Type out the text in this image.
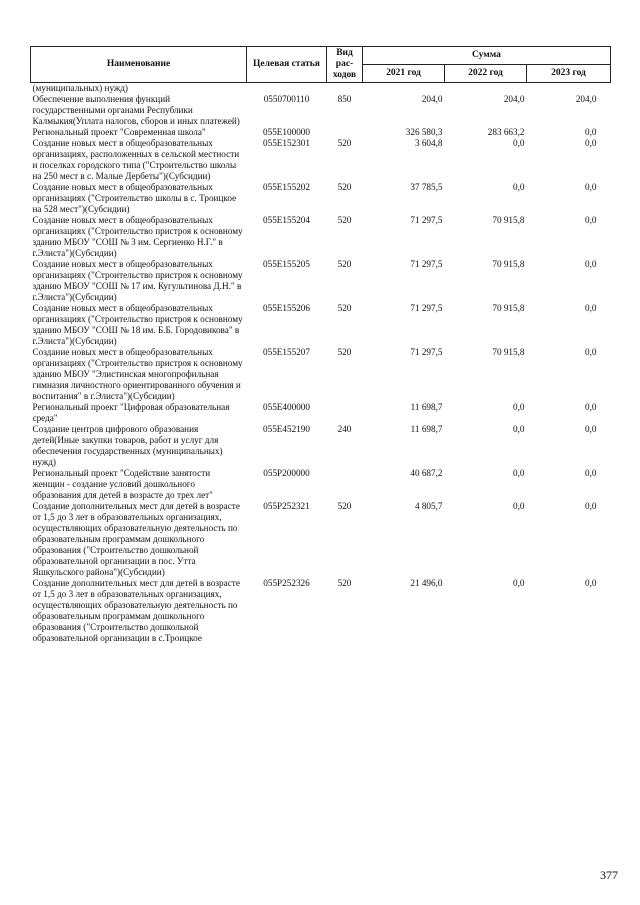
Наименование	Целевая статья	Вид рас-ходов	Сумма		
			2021 год	2022 год	2023 год
(муниципальных) нужд)					
Обеспечение выполнения функций государственными органами Республики Калмыкия(Уплата налогов, сборов и иных платежей)	0550700110	850	204,0	204,0	204,0
Региональный проект "Современная школа"	055E100000		326 580,3	283 663,2	0,0
Создание новых мест в общеобразовательных организациях, расположенных в сельской местности и поселках городского типа ("Строительство школы на 250 мест в с. Малые Дербеты")(Субсидии)	055E152301	520	3 604,8	0,0	0,0
Создание новых мест в общеобразовательных организациях ("Строительство школы в с. Троицкое на 528 мест")(Субсидии)	055E155202	520	37 785,5	0,0	0,0
Создание новых мест в общеобразовательных организациях ("Строительство пристроя к основному зданию МБОУ "СОШ № 3 им. Сергиенко Н.Г." в г.Элиста")(Субсидии)	055E155204	520	71 297,5	70 915,8	0,0
Создание новых мест в общеобразовательных организациях ("Строительство пристроя к основному зданию МБОУ "СОШ № 17 им. Кугультинова Д.Н." в г.Элиста")(Субсидии)	055E155205	520	71 297,5	70 915,8	0,0
Создание новых мест в общеобразовательных организациях ("Строительство пристроя к основному зданию МБОУ "СОШ № 18 им. Б.Б. Городовикова" в г.Элиста")(Субсидии)	055E155206	520	71 297,5	70 915,8	0,0
Создание новых мест в общеобразовательных организациях ("Строительство пристроя к основному зданию МБОУ "Элистинская многопрофильная гимназия личностного ориентированного обучения и воспитания" в г.Элиста")(Субсидии)	055E155207	520	71 297,5	70 915,8	0,0
Региональный проект "Цифровая образовательная среда"	055E400000		11 698,7	0,0	0,0
Создание центров цифрового образования детей(Иные закупки товаров, работ и услуг для обеспечения государственных (муниципальных) нужд)	055E452190	240	11 698,7	0,0	0,0
Региональный проект "Содействие занятости женщин - создание условий дошкольного образования для детей в возрасте до трех лет"	055P200000		40 687,2	0,0	0,0
Создание дополнительных мест для детей в возрасте от 1,5 до 3 лет в образовательных организациях, осуществляющих образовательную деятельность по образовательным программам дошкольного образования ("Строительство дошкольной образовательной организации в пос. Утта Яшкульского района")(Субсидии)	055P252321	520	4 805,7	0,0	0,0
Создание дополнительных мест для детей в возрасте от 1,5 до 3 лет в образовательных организациях, осуществляющих образовательную деятельность по образовательным программам дошкольного образования ("Строительство дошкольной образовательной организации в с.Троицкое	055P252326	520	21 496,0	0,0	0,0
377
